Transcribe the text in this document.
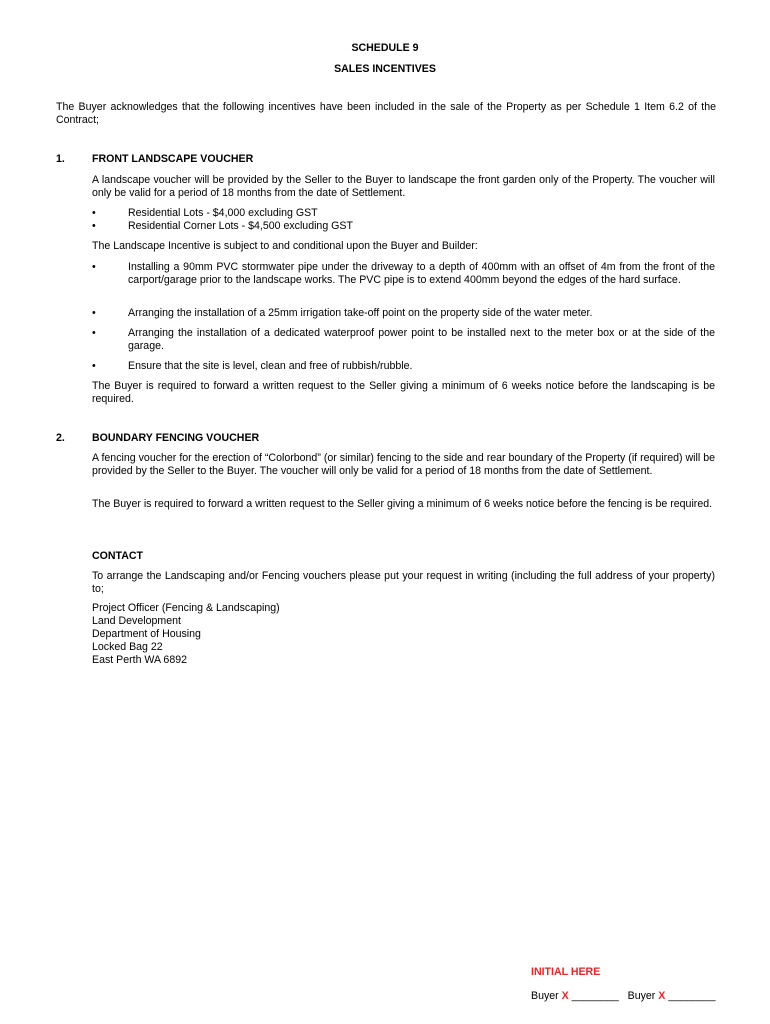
SCHEDULE 9
SALES INCENTIVES
The Buyer acknowledges that the following incentives have been included in the sale of the Property as per Schedule 1 Item 6.2 of the Contract;
1.	FRONT LANDSCAPE VOUCHER
A landscape voucher will be provided by the Seller to the Buyer to landscape the front garden only of the Property. The voucher will only be valid for a period of 18 months from the date of Settlement.
•	Residential Lots - $4,000 excluding GST
•	Residential Corner Lots - $4,500 excluding GST
The Landscape Incentive is subject to and conditional upon the Buyer and Builder:
•	Installing a 90mm PVC stormwater pipe under the driveway to a depth of 400mm with an offset of 4m from the front of the carport/garage prior to the landscape works. The PVC pipe is to extend 400mm beyond the edges of the hard surface.
•	Arranging the installation of a 25mm irrigation take-off point on the property side of the water meter.
•	Arranging the installation of a dedicated waterproof power point to be installed next to the meter box or at the side of the garage.
•	Ensure that the site is level, clean and free of rubbish/rubble.
The Buyer is required to forward a written request to the Seller giving a minimum of 6 weeks notice before the landscaping is be required.
2.	BOUNDARY FENCING VOUCHER
A fencing voucher for the erection of “Colorbond” (or similar) fencing to the side and rear boundary of the Property (if required) will be provided by the Seller to the Buyer. The voucher will only be valid for a period of 18 months from the date of Settlement.
The Buyer is required to forward a written request to the Seller giving a minimum of 6 weeks notice before the fencing is be required.
CONTACT
To arrange the Landscaping and/or Fencing vouchers please put your request in writing (including the full address of your property) to;
Project Officer (Fencing & Landscaping)
Land Development
Department of Housing
Locked Bag 22
East Perth WA 6892
INITIAL HERE
Buyer X ________ Buyer X ________
